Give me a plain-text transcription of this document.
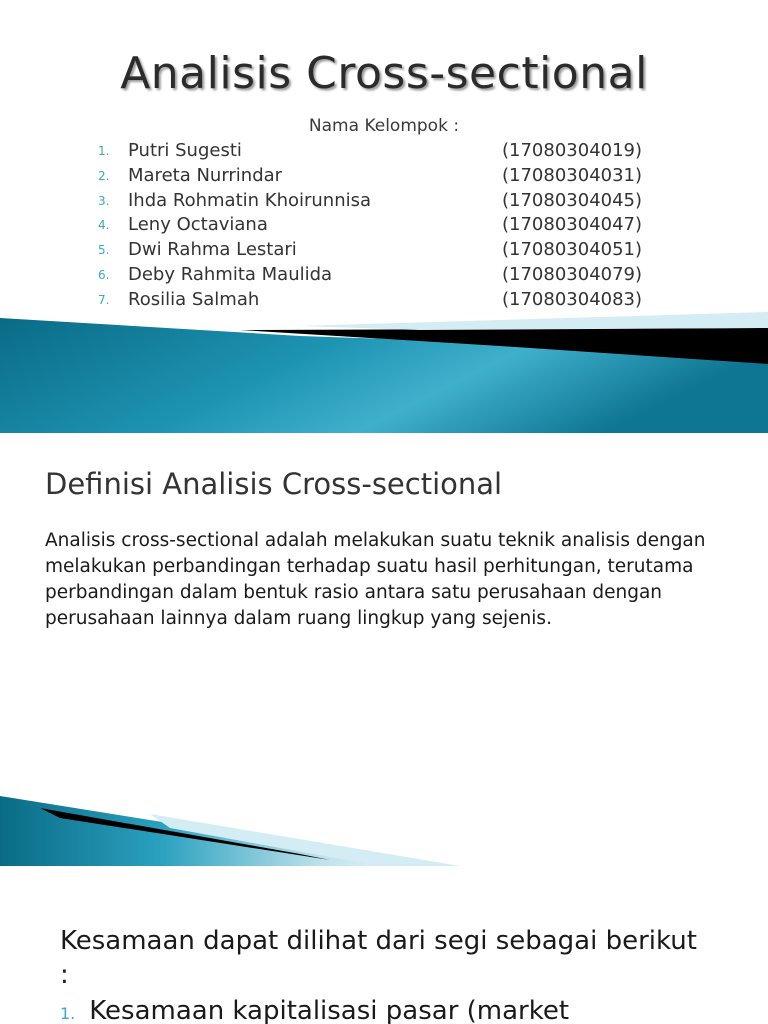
Analisis Cross-sectional
Nama Kelompok :
1. Putri Sugesti	(17080304019)
2. Mareta Nurrindar	(17080304031)
3. Ihda Rohmatin Khoirunnisa	(17080304045)
4. Leny Octaviana	(17080304047)
5. Dwi Rahma Lestari	(17080304051)
6. Deby Rahmita Maulida	(17080304079)
7. Rosilia Salmah	(17080304083)
Definisi Analisis Cross-sectional

Analisis cross-sectional adalah melakukan suatu teknik analisis dengan melakukan perbandingan terhadap suatu hasil perhitungan, terutama perbandingan dalam bentuk rasio antara satu perusahaan dengan perusahaan lainnya dalam ruang lingkup yang sejenis.

Kesamaan dapat dilihat dari segi sebagai berikut :

1. Kesamaan kapitalisasi pasar (market
